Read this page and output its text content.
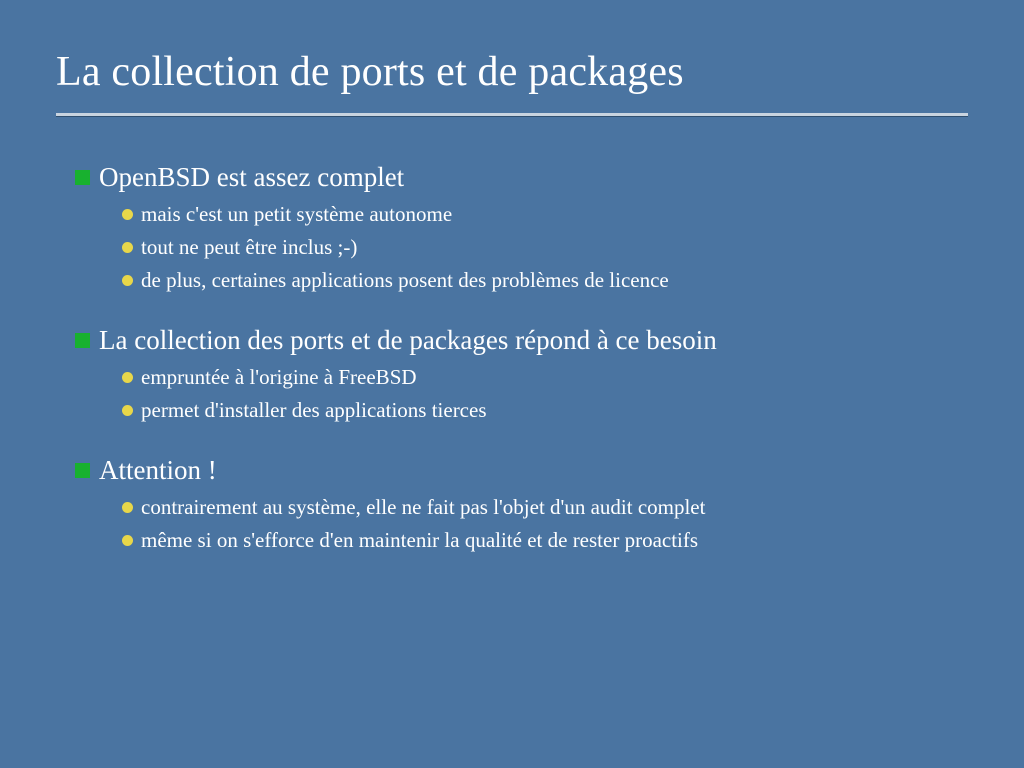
La collection de ports et de packages
OpenBSD est assez complet
mais c'est un petit système autonome
tout ne peut être inclus ;-)
de plus, certaines applications posent des problèmes de licence
La collection des ports et de packages répond à ce besoin
empruntée à l'origine à FreeBSD
permet d'installer des applications tierces
Attention !
contrairement au système, elle ne fait pas l'objet d'un audit complet
même si on s'efforce d'en maintenir la qualité et de rester proactifs
